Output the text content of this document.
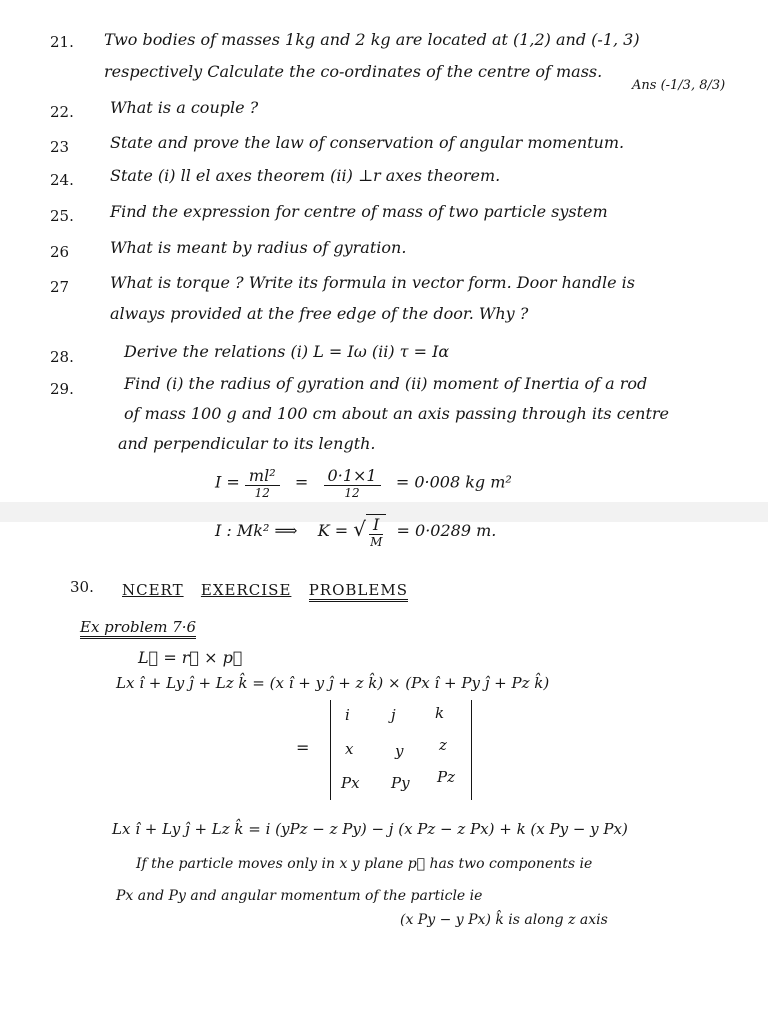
21. Two bodies of masses 1kg and 2 kg are located at (1,2) and (-1, 3)
respectively Calculate the co-ordinates of the centre of mass.
Ans (-1/3, 8/3)
22. What is a couple ?
23	State and prove the law of conservation of angular momentum.
24. State (i) ll el axes theorem (ii) ⊥r axes theorem.
25. Find the expression for centre of mass of two particle system
26	What is meant by radius of gyration.
27	What is torque ? Write its formula in vector form. Door handle is
always provided at the free edge of the door. Why ?
28.	Derive the relations (i) L = Iω (ii) τ = Iα
29.	Find (i) the radius of gyration and (ii) moment of Inertia of a rod
of mass 100 g and 100 cm about an axis passing through its centre
and perpendicular to its length.
$I = \frac{\text{ml²}}{12} = \frac{0\cdot 1\times 1}{12} = 0\cdot 008$ kg m²
I : Mk² ⟹ K = √ $\frac{I}{M} = 0\cdot 0289$ m.
30. NCERT EXERCISE PROBLEMS
Ex problem 7·6
L⃗ = r⃗ × p⃗
Lx î + Ly ĵ + Lz k̂ = (x î + y ĵ + z k̂) × (Px î + Py ĵ + Pz k̂)
=
i	j	k
x	y z
Px Py Pz
Lx î + Ly ĵ + Lz k̂ = i (yPz − z Py) − j (x Pz − z Px) + k (x Py − y Px)
If the particle moves only in x y plane p⃗ has two components ie
Px and Py and angular momentum of the particle ie
(x Py − y Px) k̂ is along z axis
